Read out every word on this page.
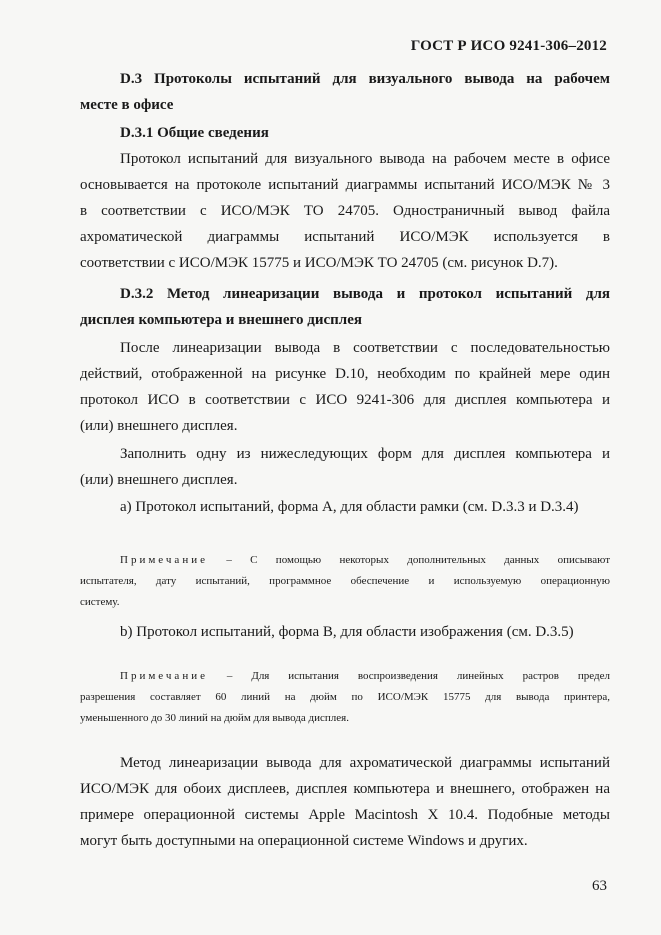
ГОСТ Р ИСО 9241-306–2012
D.3 Протоколы испытаний для визуального вывода на рабочем
месте в офисе
D.3.1 Общие сведения
Протокол испытаний для визуального вывода на рабочем месте в офисе
основывается на протоколе испытаний диаграммы испытаний ИСО/МЭК № 3
в соответствии с ИСО/МЭК ТО 24705. Одностраничный вывод файла
ахроматической диаграммы испытаний ИСО/МЭК используется в
соответствии с ИСО/МЭК 15775 и ИСО/МЭК ТО 24705 (см. рисунок D.7).
D.3.2 Метод линеаризации вывода и протокол испытаний для
дисплея компьютера и внешнего дисплея
После линеаризации вывода в соответствии с последовательностью
действий, отображенной на рисунке D.10, необходим по крайней мере один
протокол ИСО в соответствии с ИСО 9241-306 для дисплея компьютера и
(или) внешнего дисплея.
Заполнить одну из нижеследующих форм для дисплея компьютера и
(или) внешнего дисплея.
a) Протокол испытаний, форма A, для области рамки (см. D.3.3 и D.3.4)
Примечание – С помощью некоторых дополнительных данных описывают
испытателя, дату испытаний, программное обеспечение и используемую операционную
систему.
b) Протокол испытаний, форма B, для области изображения (см. D.3.5)
Примечание – Для испытания воспроизведения линейных растров предел
разрешения составляет 60 линий на дюйм по ИСО/МЭК 15775 для вывода принтера,
уменьшенного до 30 линий на дюйм для вывода дисплея.
Метод линеаризации вывода для ахроматической диаграммы испытаний
ИСО/МЭК для обоих дисплеев, дисплея компьютера и внешнего, отображен на
примере операционной системы Apple Macintosh X 10.4. Подобные методы
могут быть доступными на операционной системе Windows и других.
63
